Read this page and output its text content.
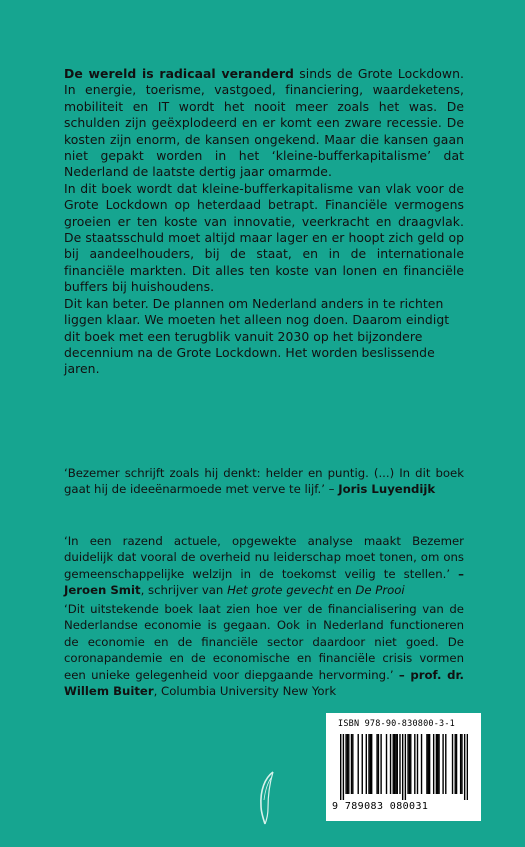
De wereld is radicaal veranderd sinds de Grote Lockdown. In energie, toerisme, vastgoed, financiering, waardeketens, mobiliteit en IT wordt het nooit meer zoals het was. De schulden zijn geëxplodeerd en er komt een zware recessie. De kosten zijn enorm, de kansen ongekend. Maar die kansen gaan niet gepakt worden in het ‘kleine-bufferkapitalisme’ dat Nederland de laatste dertig jaar omarmde.

In dit boek wordt dat kleine-bufferkapitalisme van vlak voor de Grote Lockdown op heterdaad betrapt. Financiële vermogens groeien er ten koste van innovatie, veerkracht en draagvlak. De staatsschuld moet altijd maar lager en er hoopt zich geld op bij aandeelhouders, bij de staat, en in de internationale financiële markten. Dit alles ten koste van lonen en financiële buffers bij huishoudens.

Dit kan beter. De plannen om Nederland anders in te richten liggen klaar. We moeten het alleen nog doen. Daarom eindigt dit boek met een terugblik vanuit 2030 op het bijzondere decennium na de Grote Lockdown. Het worden beslissende jaren.

‘Bezemer schrijft zoals hij denkt: helder en puntig. (...) In dit boek gaat hij de ideeënarmoede met verve te lijf.’ – Joris Luyendijk

‘In een razend actuele, opgewekte analyse maakt Bezemer duidelijk dat vooral de overheid nu leiderschap moet tonen, om ons gemeenschappelijke welzijn in de toekomst veilig te stellen.’ – Jeroen Smit, schrijver van Het grote gevecht en De Prooi

‘Dit uitstekende boek laat zien hoe ver de financialisering van de Nederlandse economie is gegaan. Ook in Nederland functioneren de economie en de financiële sector daardoor niet goed. De coronapandemie en de economische en financiële crisis vormen een unieke gelegenheid voor diepgaande hervorming.’ – prof. dr. Willem Buiter, Columbia University New York

ISBN 978-90-830800-3-1
9 789083 080031
